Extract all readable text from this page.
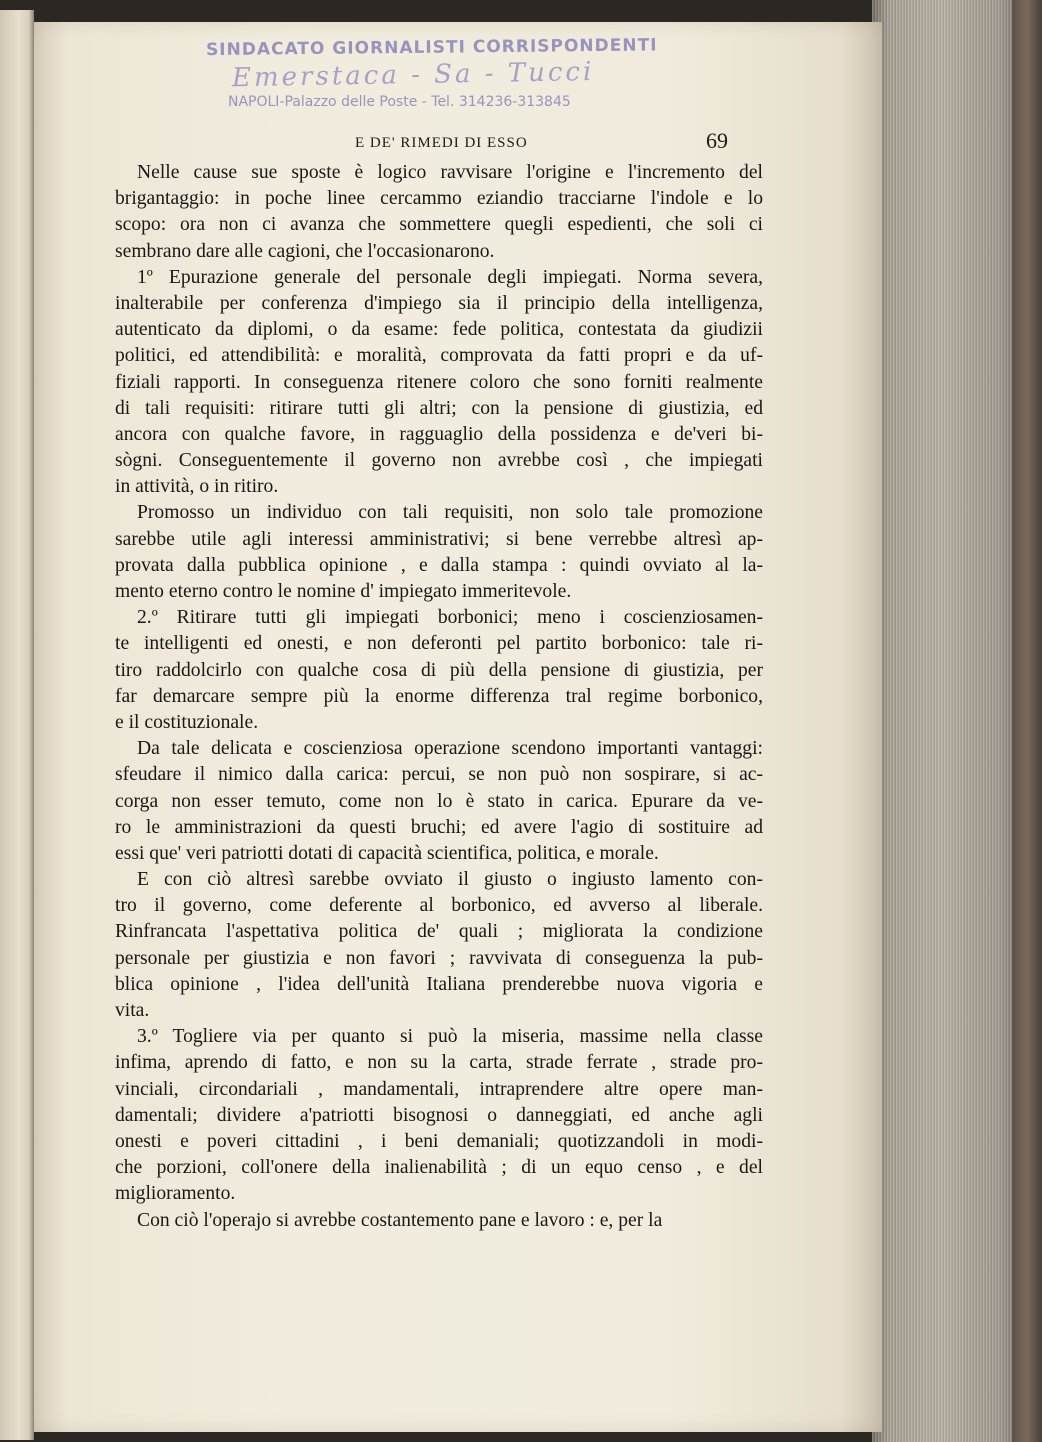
SINDACATO GIORNALISTI CORRISPONDENTI
Emerstaca - Sa - Tucci
NAPOLI-Palazzo delle Poste - Tel. 314236-313845
E DE' RIMEDI DI ESSO	69
Nelle cause sue sposte è logico ravvisare l'origine e l'incremento del
brigantaggio: in poche linee cercammo eziandio tracciarne l'indole e lo
scopo: ora non ci avanza che sommettere quegli espedienti, che soli ci
sembrano dare alle cagioni, che l'occasionarono.
1º Epurazione generale del personale degli impiegati. Norma severa,
inalterabile per conferenza d'impiego sia il principio della intelligenza,
autenticato da diplomi, o da esame: fede politica, contestata da giudizii
politici, ed attendibilità: e moralità, comprovata da fatti propri e da uf-
fiziali rapporti. In conseguenza ritenere coloro che sono forniti realmente
di tali requisiti: ritirare tutti gli altri; con la pensione di giustizia, ed
ancora con qualche favore, in ragguaglio della possidenza e de'veri bi-
sògni. Conseguentemente il governo non avrebbe così , che impiegati
in attività, o in ritiro.
Promosso un individuo con tali requisiti, non solo tale promozione
sarebbe utile agli interessi amministrativi; si bene verrebbe altresì ap-
provata dalla pubblica opinione , e dalla stampa : quindi ovviato al la-
mento eterno contro le nomine d' impiegato immeritevole.
2.º Ritirare tutti gli impiegati borbonici; meno i coscienziosamen-
te intelligenti ed onesti, e non deferonti pel partito borbonico: tale ri-
tiro raddolcirlo con qualche cosa di più della pensione di giustizia, per
far demarcare sempre più la enorme differenza tral regime borbonico,
e il costituzionale.
Da tale delicata e coscienziosa operazione scendono importanti vantaggi:
sfeudare il nimico dalla carica: percui, se non può non sospirare, si ac-
corga non esser temuto, come non lo è stato in carica. Epurare da ve-
ro le amministrazioni da questi bruchi; ed avere l'agio di sostituire ad
essi que' veri patriotti dotati di capacità scientifica, politica, e morale.
E con ciò altresì sarebbe ovviato il giusto o ingiusto lamento con-
tro il governo, come deferente al borbonico, ed avverso al liberale.
Rinfrancata l'aspettativa politica de' quali ; migliorata la condizione
personale per giustizia e non favori ; ravvivata di conseguenza la pub-
blica opinione , l'idea dell'unità Italiana prenderebbe nuova vigoria e
vita.
3.º Togliere via per quanto si può la miseria, massime nella classe
infima, aprendo di fatto, e non su la carta, strade ferrate , strade pro-
vinciali, circondariali , mandamentali, intraprendere altre opere man-
damentali; dividere a'patriotti bisognosi o danneggiati, ed anche agli
onesti e poveri cittadini , i beni demaniali; quotizzandoli in modi-
che porzioni, coll'onere della inalienabilità ; di un equo censo , e del
miglioramento.
Con ciò l'operajo si avrebbe costantemento pane e lavoro : e, per la
